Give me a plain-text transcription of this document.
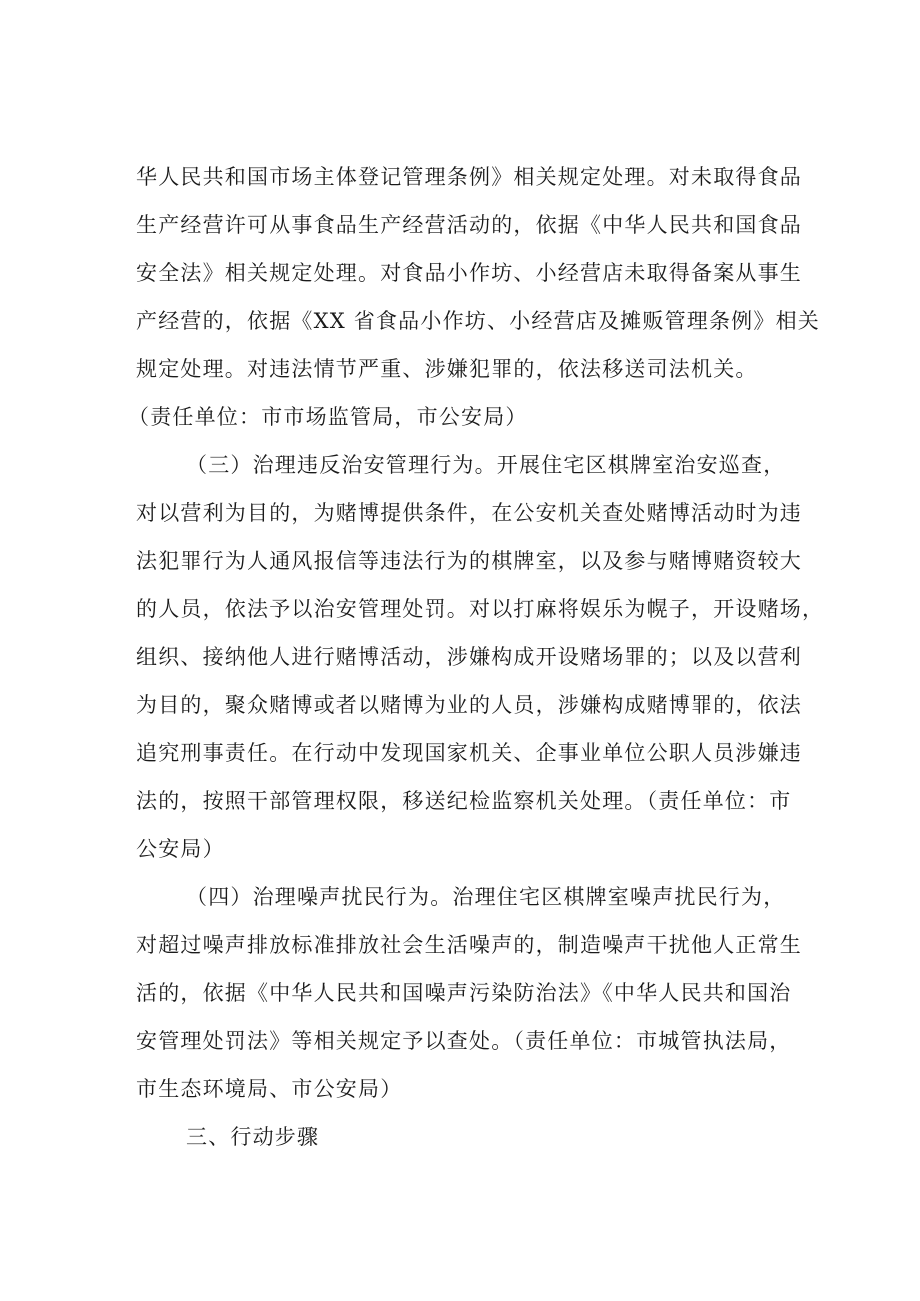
华人民共和国市场主体登记管理条例》相关规定处理。对未取得食品
生产经营许可从事食品生产经营活动的，依据《中华人民共和国食品
安全法》相关规定处理。对食品小作坊、小经营店未取得备案从事生
产经营的，依据《XX 省食品小作坊、小经营店及摊贩管理条例》相关
规定处理。对违法情节严重、涉嫌犯罪的，依法移送司法机关。
（责任单位：市市场监管局，市公安局）
（三）治理违反治安管理行为。开展住宅区棋牌室治安巡查，
对以营利为目的，为赌博提供条件，在公安机关查处赌博活动时为违
法犯罪行为人通风报信等违法行为的棋牌室，以及参与赌博赌资较大
的人员，依法予以治安管理处罚。对以打麻将娱乐为幌子，开设赌场，
组织、接纳他人进行赌博活动，涉嫌构成开设赌场罪的；以及以营利
为目的，聚众赌博或者以赌博为业的人员，涉嫌构成赌博罪的，依法
追究刑事责任。在行动中发现国家机关、企事业单位公职人员涉嫌违
法的，按照干部管理权限，移送纪检监察机关处理。（责任单位：市
公安局）
（四）治理噪声扰民行为。治理住宅区棋牌室噪声扰民行为，
对超过噪声排放标准排放社会生活噪声的，制造噪声干扰他人正常生
活的，依据《中华人民共和国噪声污染防治法》《中华人民共和国治
安管理处罚法》等相关规定予以查处。（责任单位：市城管执法局，
市生态环境局、市公安局）
三、行动步骤
